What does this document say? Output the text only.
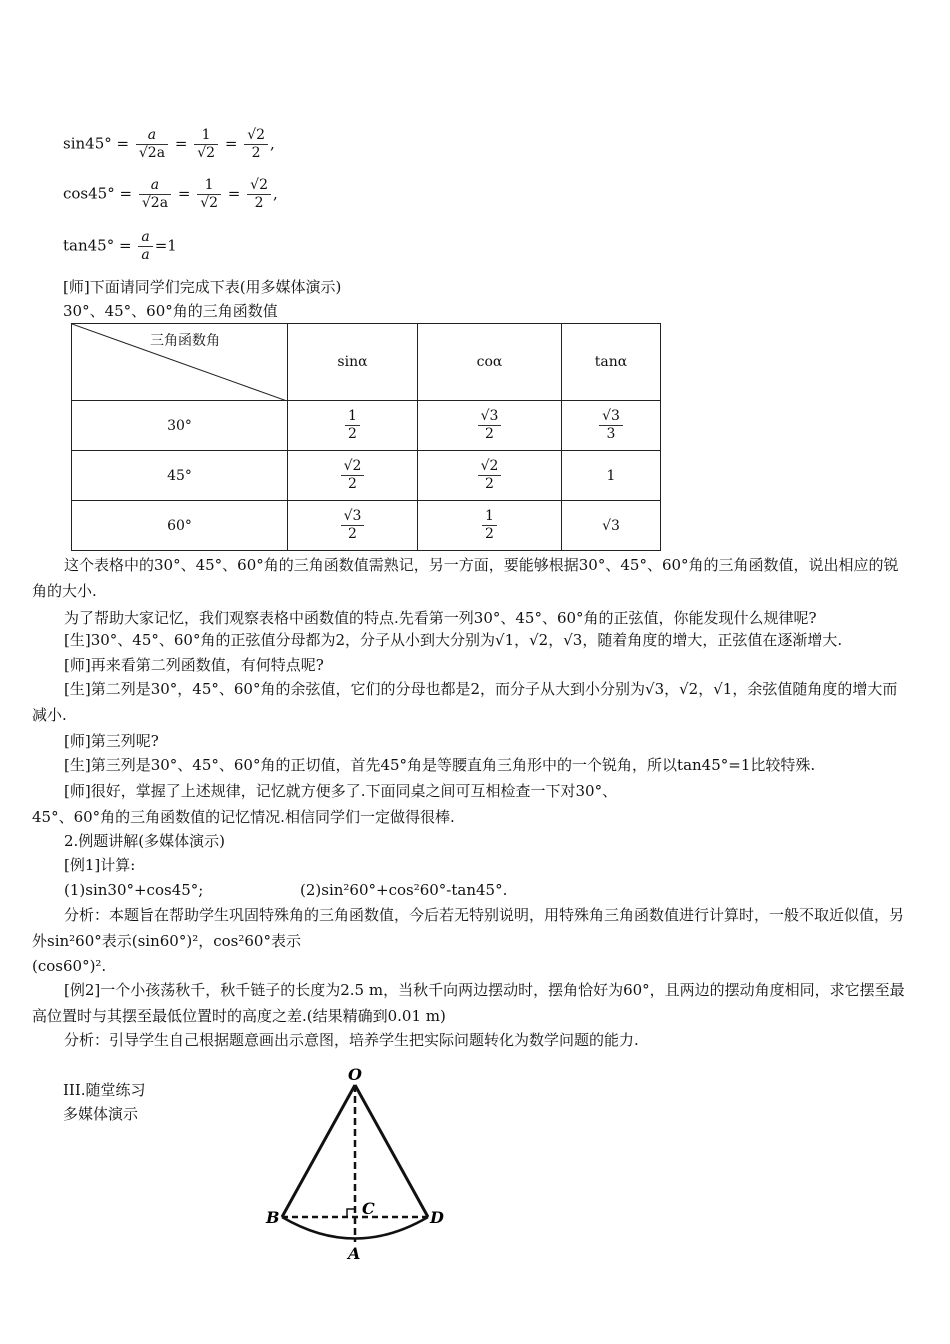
$\sin 45^\circ = \frac{a}{√2a} = \frac{1}{√2} = \frac{√2}{2}$ ,
$\cos 45^\circ = \frac{a}{√2a} = \frac{1}{√2} = \frac{√2}{2}$ ,
$\tan 45^\circ = \frac{a}{a} =1$
[师]下面请同学们完成下表(用多媒体演示)
30°、45°、60°角的三角函数值
三角函数角	sinα	coα	tanα
30°	$\frac{1}{2}$	$\frac{√3}{2}$	$\frac{√3}{3}$

45°	$\frac{√2}{2}$	$\frac{√2}{2}$	1
60°	$\frac{√3}{2}$	$\frac{1}{2}$	√3
这个表格中的30°、45°、60°角的三角函数值需熟记，另一方面，要能够根据30°、45°、60°角的三角函数值，说出相应的锐角的大小.
为了帮助大家记忆，我们观察表格中函数值的特点.先看第一列30°、45°、60°角的正弦值，你能发现什么规律呢?
[生]30°、45°、60°角的正弦值分母都为2，分子从小到大分别为√1，√2，√3，随着角度的增大，正弦值在逐渐增大.
[师]再来看第二列函数值，有何特点呢?
[生]第二列是30°，45°、60°角的余弦值，它们的分母也都是2，而分子从大到小分别为√3，√2，√1，余弦值随角度的增大而减小.
[师]第三列呢?
[生]第三列是30°、45°、60°角的正切值，首先45°角是等腰直角三角形中的一个锐角，所以tan45°=1比较特殊.
[师]很好，掌握了上述规律，记忆就方便多了.下面同桌之间可互相检查一下对30°、
45°、60°角的三角函数值的记忆情况.相信同学们一定做得很棒.
2.例题讲解(多媒体演示)
[例1]计算:
(1)sin30°+cos45°;	(2)sin²60°+cos²60°-tan45°.
分析：本题旨在帮助学生巩固特殊角的三角函数值，今后若无特别说明，用特殊角三角函数值进行计算时，一般不取近似值，另外sin²60°表示(sin60°)²，cos²60°表示
(cos60°)².
[例2]一个小孩荡秋千，秋千链子的长度为2.5 m，当秋千向两边摆动时，摆角恰好为60°，且两边的摆动角度相同，求它摆至最高位置时与其摆至最低位置时的高度之差.(结果精确到0.01 m)
分析：引导学生自己根据题意画出示意图，培养学生把实际问题转化为数学问题的能力.
III.随堂练习
多媒体演示
O
B	C	D
A
